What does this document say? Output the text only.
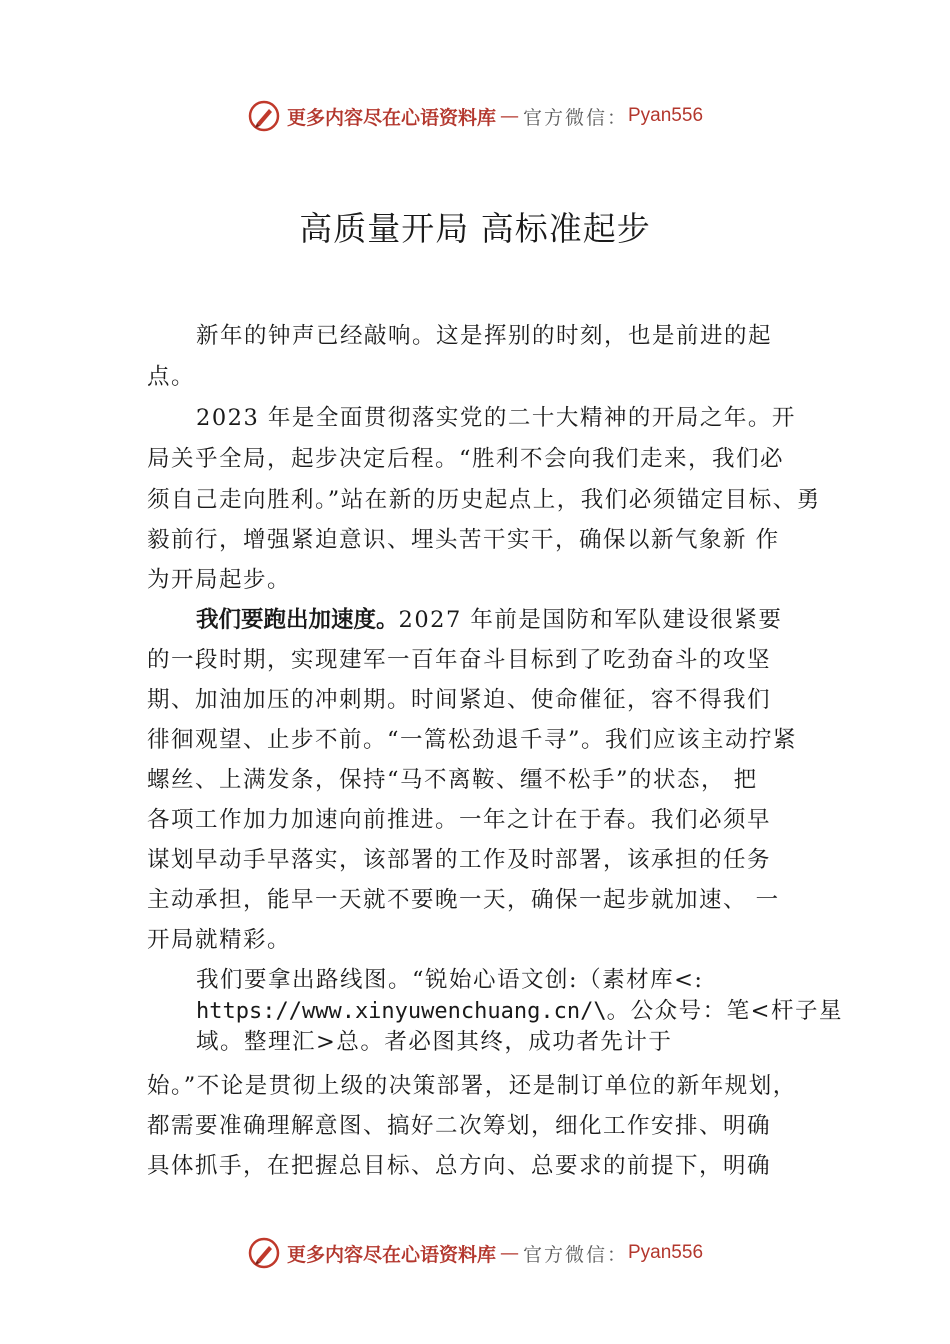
更多内容尽在心语资料库 — 官方微信： Pyan556
高质量开局 高标准起步
新年的钟声已经敲响。这是挥别的时刻，也是前进的起
点。
2023 年是全面贯彻落实党的二十大精神的开局之年。开
局关乎全局，起步决定后程。“胜利不会向我们走来，我们必
须自己走向胜利。”站在新的历史起点上，我们必须锚定目标、勇
毅前行，增强紧迫意识、埋头苦干实干，确保以新气象新 作
为开局起步。
我们要跑出加速度。2027 年前是国防和军队建设很紧要
的一段时期，实现建军一百年奋斗目标到了吃劲奋斗的攻坚
期、加油加压的冲刺期。时间紧迫、使命催征，容不得我们
徘徊观望、止步不前。“一篙松劲退千寻”。我们应该主动拧紧
螺丝、上满发条，保持“马不离鞍、缰不松手”的状态， 把
各项工作加力加速向前推进。一年之计在于春。我们必须早
谋划早动手早落实，该部署的工作及时部署，该承担的任务
主动承担，能早一天就不要晚一天，确保一起步就加速、 一
开局就精彩。
我们要拿出路线图。“锐始心语文创:（素材库<:
https://www.xinyuwenchuang.cn/\。公众号：笔<杆子星
域。整理汇>总。者必图其终，成功者先计于
始。”不论是贯彻上级的决策部署，还是制订单位的新年规划，
都需要准确理解意图、搞好二次筹划，细化工作安排、明确
具体抓手，在把握总目标、总方向、总要求的前提下，明确
更多内容尽在心语资料库 — 官方微信： Pyan556
